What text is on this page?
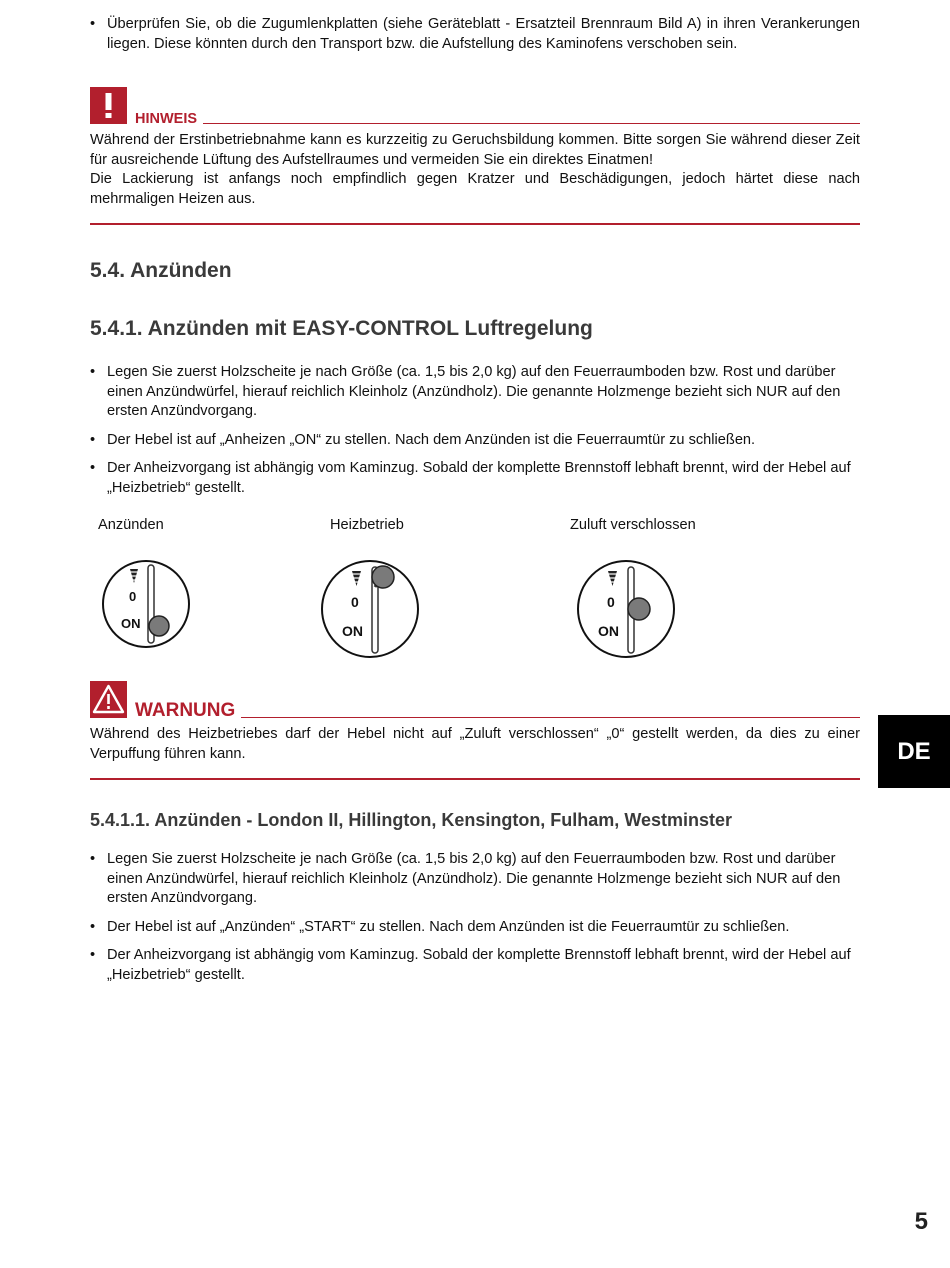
• Überprüfen Sie, ob die Zugumlenkplatten (siehe Geräteblatt - Ersatzteil Brennraum Bild A) in ihren Verankerungen liegen. Diese könnten durch den Transport bzw. die Aufstellung des Kaminofens verschoben sein.
HINWEIS
Während der Erstinbetriebnahme kann es kurzzeitig zu Geruchsbildung kommen. Bitte sorgen Sie während dieser Zeit für ausreichende Lüftung des Aufstellraumes und vermeiden Sie ein direktes Einatmen!
Die Lackierung ist anfangs noch empfindlich gegen Kratzer und Beschädigungen, jedoch härtet diese nach mehrmaligen Heizen aus.
5.4. Anzünden
5.4.1. Anzünden mit EASY-CONTROL Luftregelung
• Legen Sie zuerst Holzscheite je nach Größe (ca. 1,5 bis 2,0 kg) auf den Feuerraumboden bzw. Rost und darüber einen Anzündwürfel, hierauf reichlich Kleinholz (Anzündholz). Die genannte Holzmenge bezieht sich NUR auf den ersten Anzündvorgang.
• Der Hebel ist auf „Anheizen „ON“ zu stellen. Nach dem Anzünden ist die Feuerraumtür zu schließen.
• Der Anheizvorgang ist abhängig vom Kaminzug. Sobald der komplette Brennstoff lebhaft brennt, wird der Hebel auf „Heizbetrieb“ gestellt.
Anzünden
0
ON
Heizbetrieb
0
ON
Zuluft verschlossen
0
ON
WARNUNG
Während des Heizbetriebes darf der Hebel nicht auf „Zuluft verschlossen“ „0“ gestellt werden, da dies zu einer Verpuffung führen kann.
5.4.1.1. Anzünden - London II, Hillington, Kensington, Fulham, Westminster
• Legen Sie zuerst Holzscheite je nach Größe (ca. 1,5 bis 2,0 kg) auf den Feuerraumboden bzw. Rost und darüber einen Anzündwürfel, hierauf reichlich Kleinholz (Anzündholz). Die genannte Holzmenge bezieht sich NUR auf den ersten Anzündvorgang.
• Der Hebel ist auf „Anzünden“ „START“ zu stellen. Nach dem Anzünden ist die Feuerraumtür zu schließen.
• Der Anheizvorgang ist abhängig vom Kaminzug. Sobald der komplette Brennstoff lebhaft brennt, wird der Hebel auf „Heizbetrieb“ gestellt.
DE
5
